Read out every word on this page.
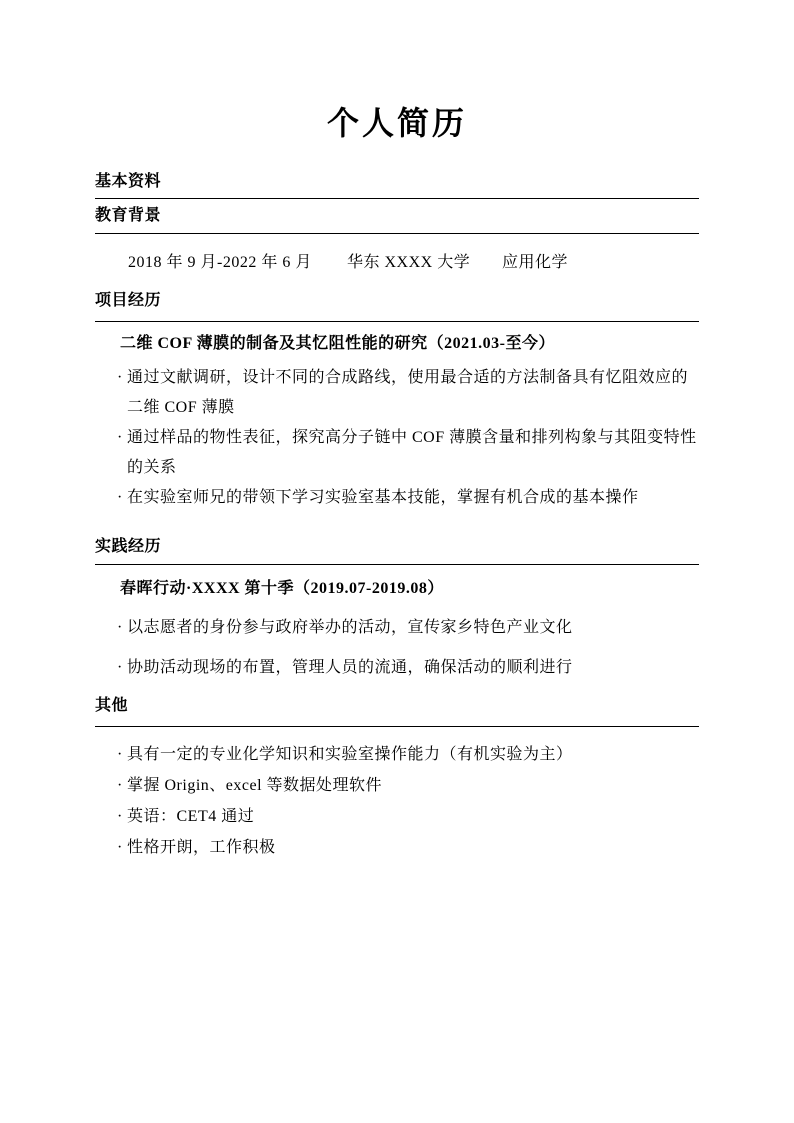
个人简历
基本资料
教育背景
2018 年 9 月-2022 年 6 月	华东 XXXX 大学	应用化学
项目经历
二维 COF 薄膜的制备及其忆阻性能的研究（2021.03-至今）
· 通过文献调研，设计不同的合成路线，使用最合适的方法制备具有忆阻效应的二维 COF 薄膜
· 通过样品的物性表征，探究高分子链中 COF 薄膜含量和排列构象与其阻变特性的关系
· 在实验室师兄的带领下学习实验室基本技能，掌握有机合成的基本操作
实践经历
春晖行动·XXXX 第十季（2019.07-2019.08）
· 以志愿者的身份参与政府举办的活动，宣传家乡特色产业文化
· 协助活动现场的布置，管理人员的流通，确保活动的顺利进行
其他
· 具有一定的专业化学知识和实验室操作能力（有机实验为主）
· 掌握 Origin、excel 等数据处理软件
· 英语：CET4 通过
· 性格开朗，工作积极
